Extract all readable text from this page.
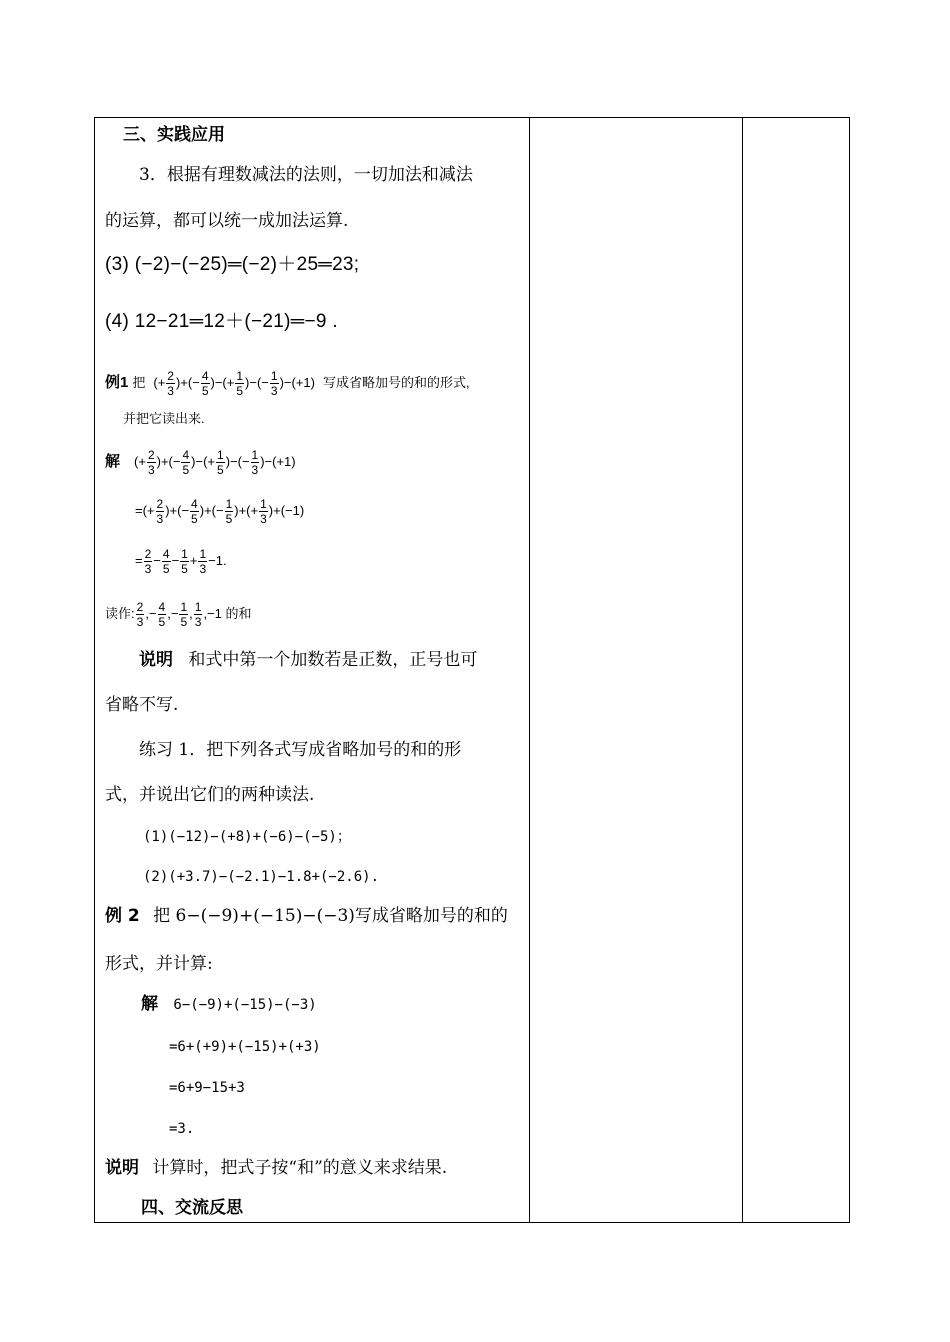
三、实践应用
3．根据有理数减法的法则，一切加法和减法
的运算，都可以统一成加法运算.
(3) (−2)−(−25)═(−2)＋25═23;
(4) 12−21═12＋(−21)═−9 .
例1 把 (+ $\frac{2}{3}$ )+(− $\frac{4}{5}$ )−(+ $\frac{1}{5}$ )−(− $\frac{1}{3} )-(+1)$ 写成省略加号的和的形式,
并把它读出来.
解 (+ $\frac{2}{3}$ )+(− $\frac{4}{5}$ )−(+ $\frac{1}{5}$ )−(− $\frac{1}{3} )-(+1)$
=(+ $\frac{2}{3}$ )+(− $\frac{4}{5}$ )+(− $\frac{1}{5}$ )+(+ $\frac{1}{3} )+(-1)$
= $\frac{2}{3} - \frac{4}{5} - \frac{1}{5} + \frac{1}{3} -1$.
读作: $\frac{2}{3}$ ,− $\frac{4}{5}$ ,− $\frac{1}{5}$ , $\frac{1}{3} ,-1$ 的和
说明 和式中第一个加数若是正数，正号也可
省略不写.
练习 1．把下列各式写成省略加号的和的形
式，并说出它们的两种读法.
(1)(−12)−(+8)+(−6)−(−5)；
(2)(+3.7)−(−2.1)−1.8+(−2.6).
例 2 把 6−(−9)+(−15)−(−3)写成省略加号的和的
形式，并计算:
解 6−(−9)+(−15)−(−3)
=6+(+9)+(−15)+(+3)
=6+9−15+3
=3.
说明 计算时，把式子按“和”的意义来求结果.
四、交流反思
